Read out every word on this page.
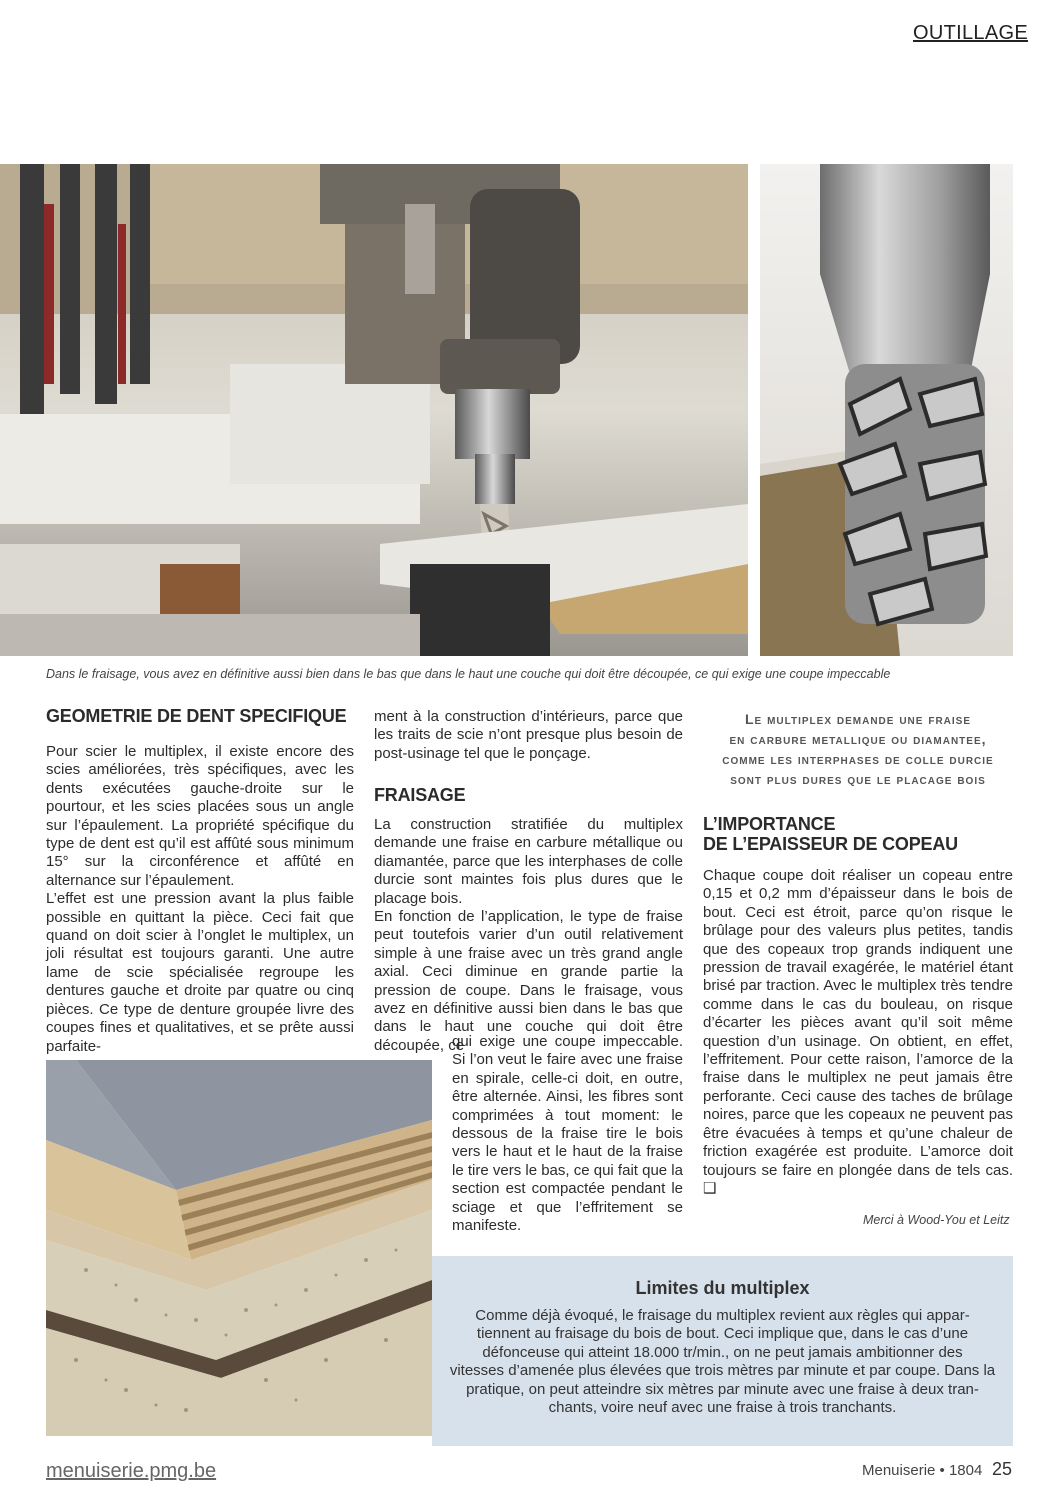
OUTILLAGE
Dans le fraisage, vous avez en définitive aussi bien dans le bas que dans le haut une couche qui doit être découpée, ce qui exige une coupe impeccable
GEOMETRIE DE DENT SPECIFIQUE

Pour scier le multiplex, il existe encore des scies améliorées, très spécifiques, avec les dents exécutées gauche-droite sur le pourtour, et les scies placées sous un angle sur l’épaulement. La propriété spécifique du type de dent est qu’il est affûté sous minimum 15° sur la circonférence et affûté en alternance sur l’épaulement.

L’effet est une pression avant la plus faible possible en quittant la pièce. Ceci fait que quand on doit scier à l’onglet le multiplex, un joli résultat est toujours garanti. Une autre lame de scie spécialisée regroupe les dentures gauche et droite par quatre ou cinq pièces. Ce type de denture groupée livre des coupes fines et qualitatives, et se prête aussi parfaite-

ment à la construction d’intérieurs, parce que les traits de scie n’ont presque plus besoin de post-usinage tel que le ponçage.
FRAISAGE

La construction stratifiée du multiplex demande une fraise en carbure métallique ou diamantée, parce que les interphases de colle durcie sont maintes fois plus dures que le placage bois.

En fonction de l’application, le type de fraise peut toutefois varier d’un outil relativement simple à une fraise avec un très grand angle axial. Ceci diminue en grande partie la pression de coupe. Dans le fraisage, vous avez en définitive aussi bien dans le bas que dans le haut une couche qui doit être découpée, ce

qui exige une coupe impeccable. Si l’on veut le faire avec une fraise en spirale, celle-ci doit, en outre, être alternée. Ainsi, les fibres sont comprimées à tout moment: le dessous de la fraise tire le bois vers le haut et le haut de la fraise le tire vers le bas, ce qui fait que la section est compactée pendant le sciage et que l’effritement se manifeste.
Le multiplex demande une fraise
en carbure metallique ou diamantee,
comme les interphases de colle durcie
sont plus dures que le placage bois
L’IMPORTANCE
DE L’EPAISSEUR DE COPEAU
Chaque coupe doit réaliser un copeau entre 0,15 et 0,2 mm d’épaisseur dans le bois de bout. Ceci est étroit, parce qu’on risque le brûlage pour des valeurs plus petites, tandis que des copeaux trop grands indiquent une pression de travail exagérée, le matériel étant brisé par traction. Avec le multiplex très tendre comme dans le cas du bouleau, on risque d’écarter les pièces avant qu’il soit même question d’un usinage. On obtient, en effet, l’effritement. Pour cette raison, l’amorce de la fraise dans le multiplex ne peut jamais être perforante. Ceci cause des taches de brûlage noires, parce que les copeaux ne peuvent pas être évacuées à temps et qu’une chaleur de friction exagérée est produite. L’amorce doit toujours se faire en plongée dans de tels cas. ❑
Merci à Wood-You et Leitz
Limites du multiplex
Comme déjà évoqué, le fraisage du multiplex revient aux règles qui appar-
tiennent au fraisage du bois de bout. Ceci implique que, dans le cas d’une
défonceuse qui atteint 18.000 tr/min., on ne peut jamais ambitionner des
vitesses d’amenée plus élevées que trois mètres par minute et par coupe. Dans la
pratique, on peut atteindre six mètres par minute avec une fraise à deux tran-
chants, voire neuf avec une fraise à trois tranchants.
menuiserie.pmg.be	Menuiserie • 1804 25
